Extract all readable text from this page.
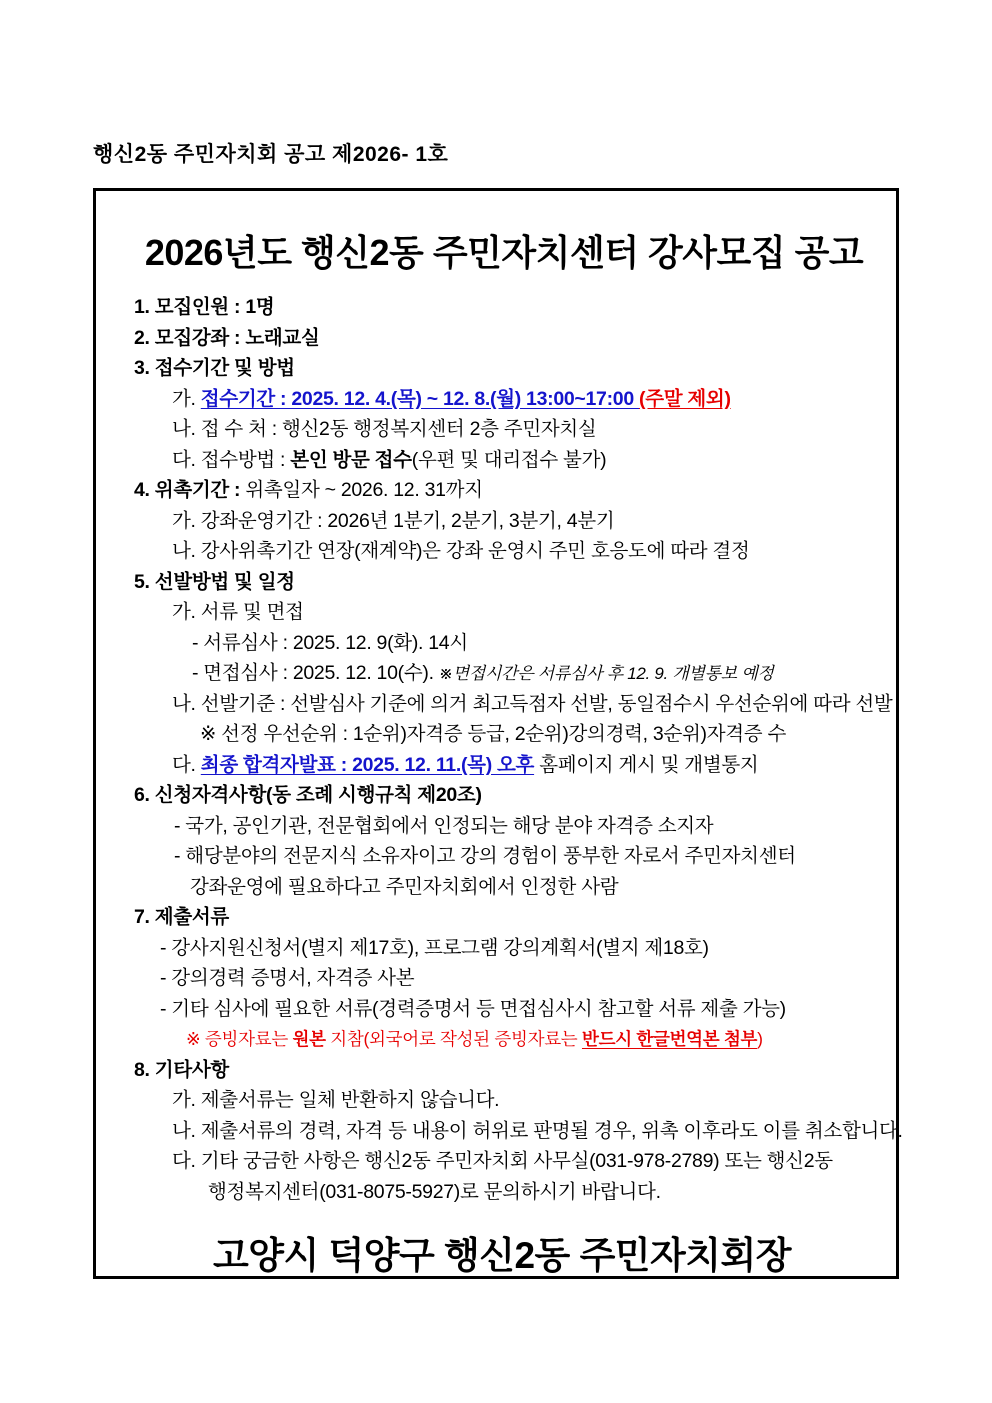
행신2동 주민자치회 공고 제2026- 1호
2026년도 행신2동 주민자치센터 강사모집 공고
1. 모집인원 : 1명
2. 모집강좌 : 노래교실
3. 접수기간 및 방법
가. 접수기간 : 2025. 12. 4.(목) ~ 12. 8.(월) 13:00~17:00 (주말 제외)
나. 접 수 처 : 행신2동 행정복지센터 2층 주민자치실
다. 접수방법 : 본인 방문 접수(우편 및 대리접수 불가)
4. 위촉기간 : 위촉일자 ~ 2026. 12. 31까지
가. 강좌운영기간 : 2026년 1분기, 2분기, 3분기, 4분기
나. 강사위촉기간 연장(재계약)은 강좌 운영시 주민 호응도에 따라 결정
5. 선발방법 및 일정
가. 서류 및 면접
- 서류심사 : 2025. 12. 9(화). 14시
- 면접심사 : 2025. 12. 10(수). ※면접시간은 서류심사 후 12. 9. 개별통보 예정
나. 선발기준 : 선발심사 기준에 의거 최고득점자 선발, 동일점수시 우선순위에 따라 선발
※ 선정 우선순위 : 1순위)자격증 등급, 2순위)강의경력, 3순위)자격증 수
다. 최종 합격자발표 : 2025. 12. 11.(목) 오후 홈페이지 게시 및 개별통지
6. 신청자격사항(동 조례 시행규칙 제20조)
- 국가, 공인기관, 전문협회에서 인정되는 해당 분야 자격증 소지자
- 해당분야의 전문지식 소유자이고 강의 경험이 풍부한 자로서 주민자치센터
강좌운영에 필요하다고 주민자치회에서 인정한 사람
7. 제출서류
- 강사지원신청서(별지 제17호), 프로그램 강의계획서(별지 제18호)
- 강의경력 증명서, 자격증 사본
- 기타 심사에 필요한 서류(경력증명서 등 면접심사시 참고할 서류 제출 가능)
※ 증빙자료는 원본 지참(외국어로 작성된 증빙자료는 반드시 한글번역본 첨부)
8. 기타사항
가. 제출서류는 일체 반환하지 않습니다.
나. 제출서류의 경력, 자격 등 내용이 허위로 판명될 경우, 위촉 이후라도 이를 취소합니다.
다. 기타 궁금한 사항은 행신2동 주민자치회 사무실(031-978-2789) 또는 행신2동
행정복지센터(031-8075-5927)로 문의하시기 바랍니다.
고양시 덕양구 행신2동 주민자치회장
